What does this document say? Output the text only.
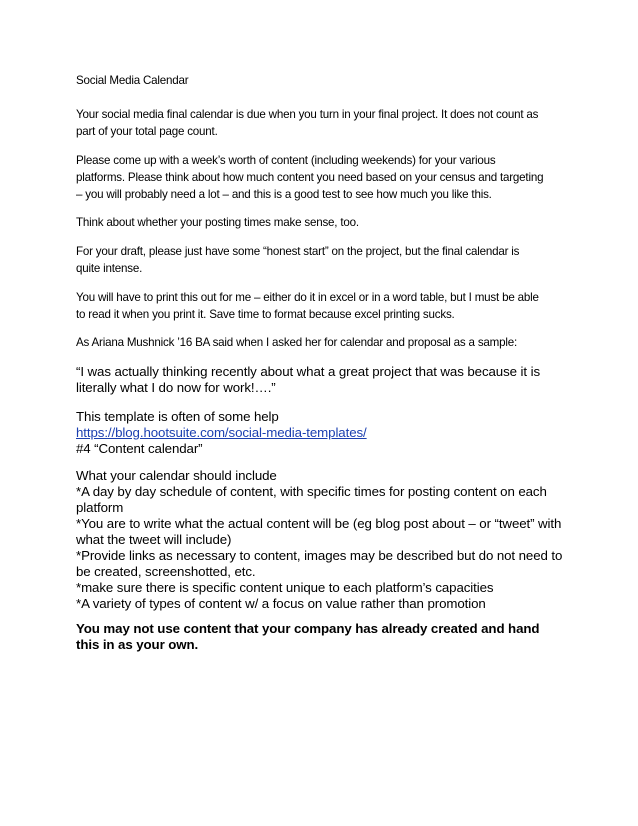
Social Media Calendar
Your social media final calendar is due when you turn in your final project. It does not count as
part of your total page count.
Please come up with a week’s worth of content (including weekends) for your various
platforms. Please think about how much content you need based on your census and targeting
– you will probably need a lot – and this is a good test to see how much you like this.
Think about whether your posting times make sense, too.
For your draft, please just have some “honest start” on the project, but the final calendar is
quite intense.
You will have to print this out for me – either do it in excel or in a word table, but I must be able
to read it when you print it. Save time to format because excel printing sucks.
As Ariana Mushnick ’16 BA said when I asked her for calendar and proposal as a sample:
“I was actually thinking recently about what a great project that was because it is
literally what I do now for work!….”
This template is often of some help
https://blog.hootsuite.com/social-media-templates/
#4 “Content calendar”
What your calendar should include
*A day by day schedule of content, with specific times for posting content on each
platform
*You are to write what the actual content will be (eg blog post about – or “tweet” with
what the tweet will include)
*Provide links as necessary to content, images may be described but do not need to
be created, screenshotted, etc.
*make sure there is specific content unique to each platform’s capacities
*A variety of types of content w/ a focus on value rather than promotion
You may not use content that your company has already created and hand
this in as your own.
